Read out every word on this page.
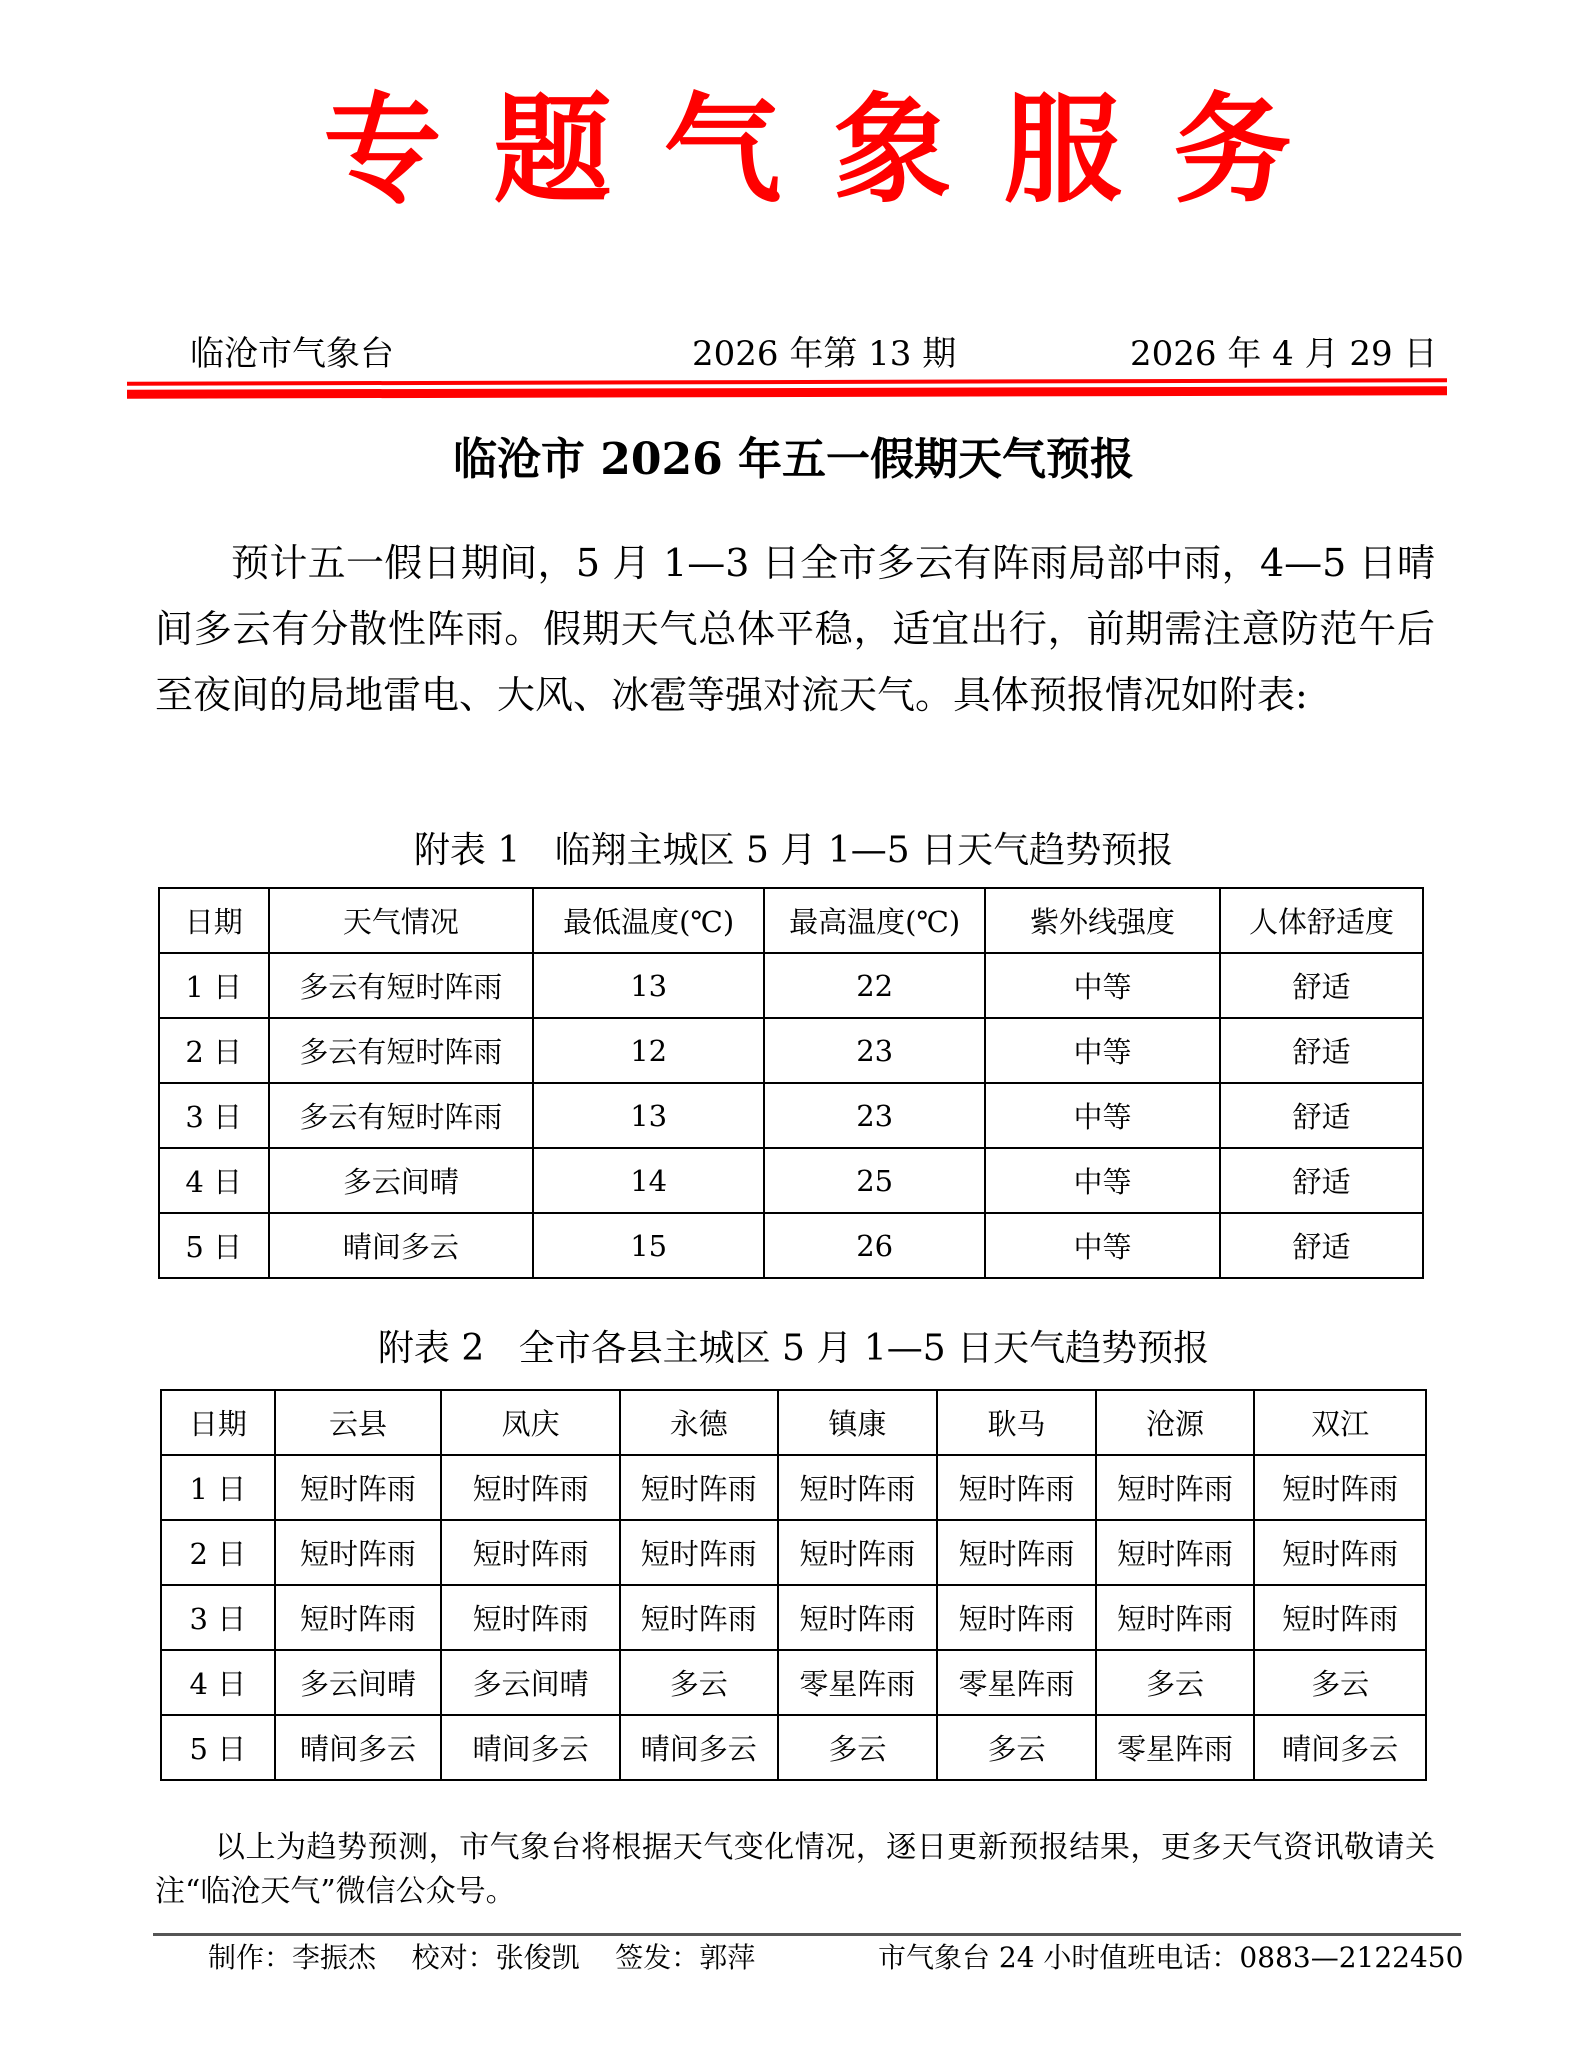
专题气象服务
临沧市气象台	2026 年第 13 期	2026 年 4 月 29 日
临沧市 2026 年五一假期天气预报

预计五一假日期间，5 月 1—3 日全市多云有阵雨局部中雨，4—5 日晴间多云有分散性阵雨。假期天气总体平稳，适宜出行，前期需注意防范午后至夜间的局地雷电、大风、冰雹等强对流天气。具体预报情况如附表:

附表 1   临翔主城区 5 月 1—5 日天气趋势预报
日期	天气情况	最低温度(℃)	最高温度(℃)	紫外线强度	人体舒适度
1 日	多云有短时阵雨	13	22	中等	舒适
2 日	多云有短时阵雨	12	23	中等	舒适
3 日	多云有短时阵雨	13	23	中等	舒适
4 日	多云间晴	14	25	中等	舒适
5 日	晴间多云	15	26	中等	舒适
附表 2   全市各县主城区 5 月 1—5 日天气趋势预报
日期	云县	凤庆	永德	镇康	耿马	沧源	双江
1 日	短时阵雨	短时阵雨	短时阵雨	短时阵雨	短时阵雨	短时阵雨	短时阵雨
2 日	短时阵雨	短时阵雨	短时阵雨	短时阵雨	短时阵雨	短时阵雨	短时阵雨
3 日	短时阵雨	短时阵雨	短时阵雨	短时阵雨	短时阵雨	短时阵雨	短时阵雨
4 日	多云间晴	多云间晴	多云	零星阵雨	零星阵雨	多云	多云
5 日	晴间多云	晴间多云	晴间多云	多云	多云	零星阵雨	晴间多云

以上为趋势预测，市气象台将根据天气变化情况，逐日更新预报结果，更多天气资讯敬请关注“临沧天气”微信公众号。

制作：李振杰    校对：张俊凯    签发：郭萍	市气象台 24 小时值班电话：0883—2122450
